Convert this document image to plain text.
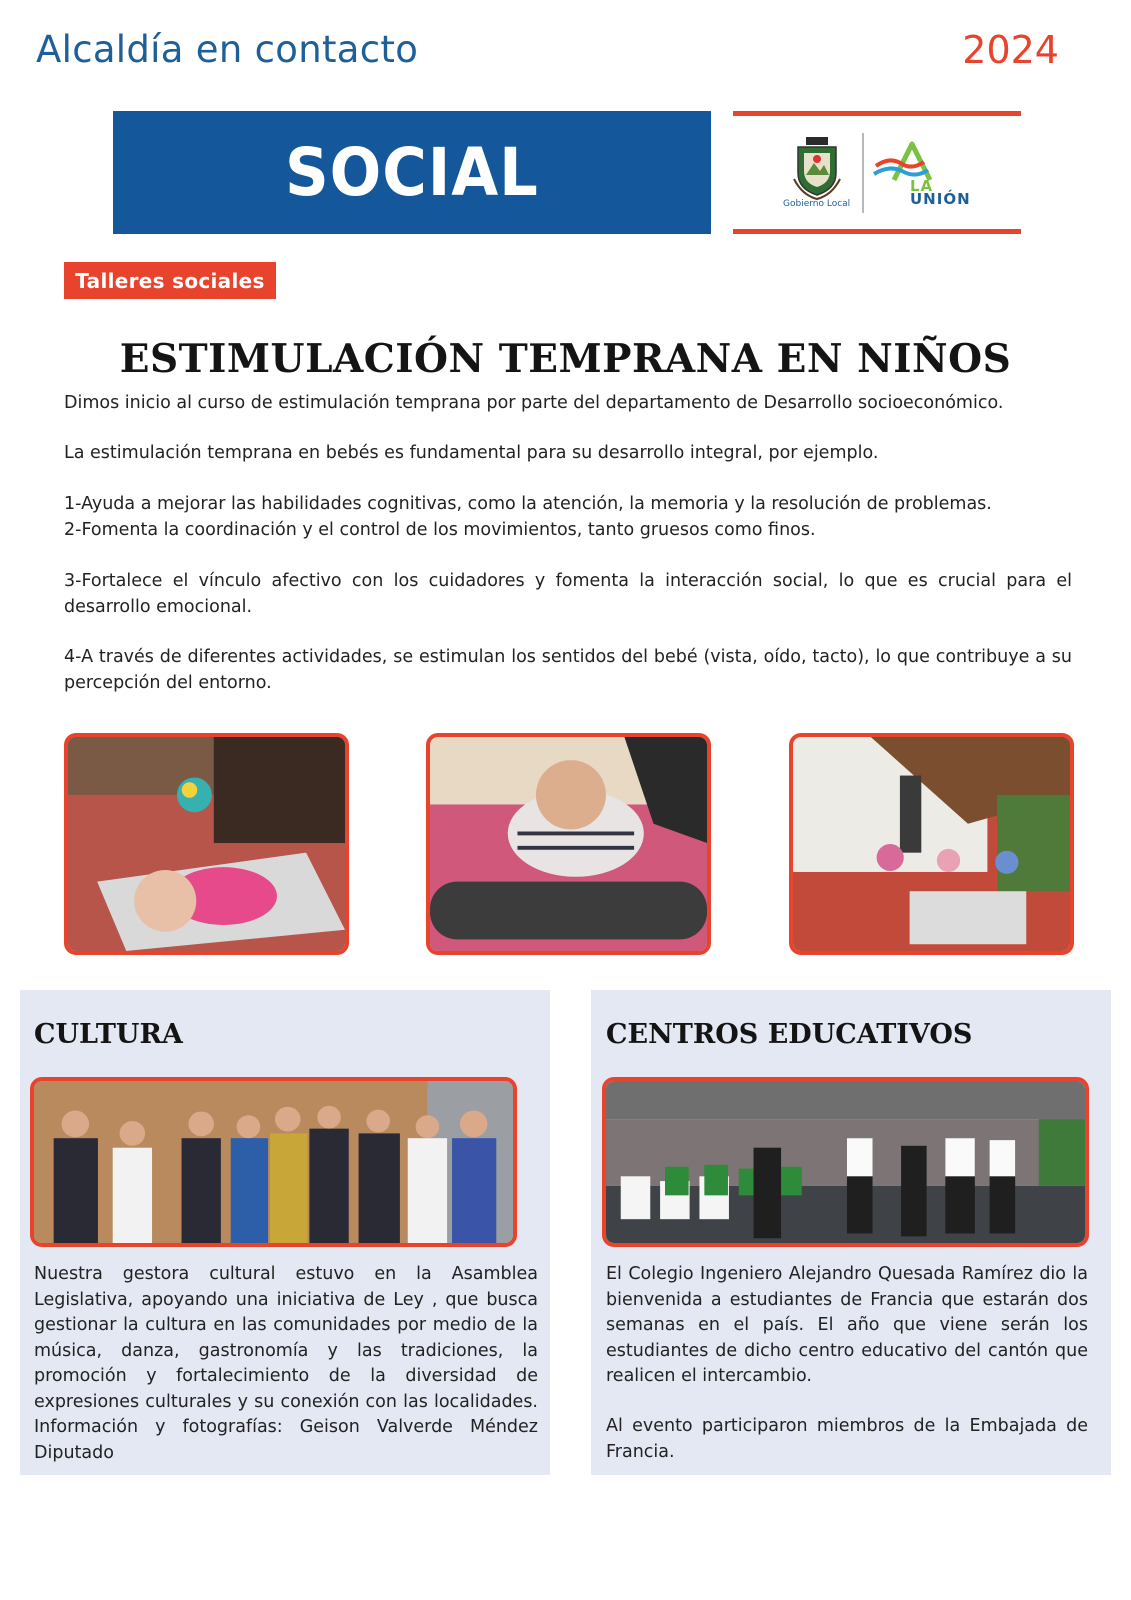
Alcaldía en contacto	2024
SOCIAL	Gobierno Local
LA
UNIÓN
Talleres sociales
ESTIMULACIÓN TEMPRANA EN NIÑOS
Dimos inicio al curso de estimulación temprana por parte del departamento de Desarrollo socioeconómico.
La estimulación temprana en bebés es fundamental para su desarrollo integral, por ejemplo.
1-Ayuda a mejorar las habilidades cognitivas, como la atención, la memoria y la resolución de problemas.
2-Fomenta la coordinación y el control de los movimientos, tanto gruesos como finos.
3-Fortalece el vínculo afectivo con los cuidadores y fomenta la interacción social, lo que es crucial para el desarrollo emocional.
4-A través de diferentes actividades, se estimulan los sentidos del bebé (vista, oído, tacto), lo que contribuye a su percepción del entorno.
CULTURA
Nuestra gestora cultural estuvo en la Asamblea Legislativa, apoyando una iniciativa de Ley , que busca gestionar la cultura en las comunidades por medio de la música, danza, gastronomía y las tradiciones, la promoción y fortalecimiento de la diversidad de expresiones culturales y su conexión con las localidades. Información y fotografías: Geison Valverde Méndez Diputado
CENTROS EDUCATIVOS
El Colegio Ingeniero Alejandro Quesada Ramírez dio la bienvenida a estudiantes de Francia que estarán dos semanas en el país. El año que viene serán los estudiantes de dicho centro educativo del cantón que realicen el intercambio.
Al evento participaron miembros de la Embajada de Francia.
